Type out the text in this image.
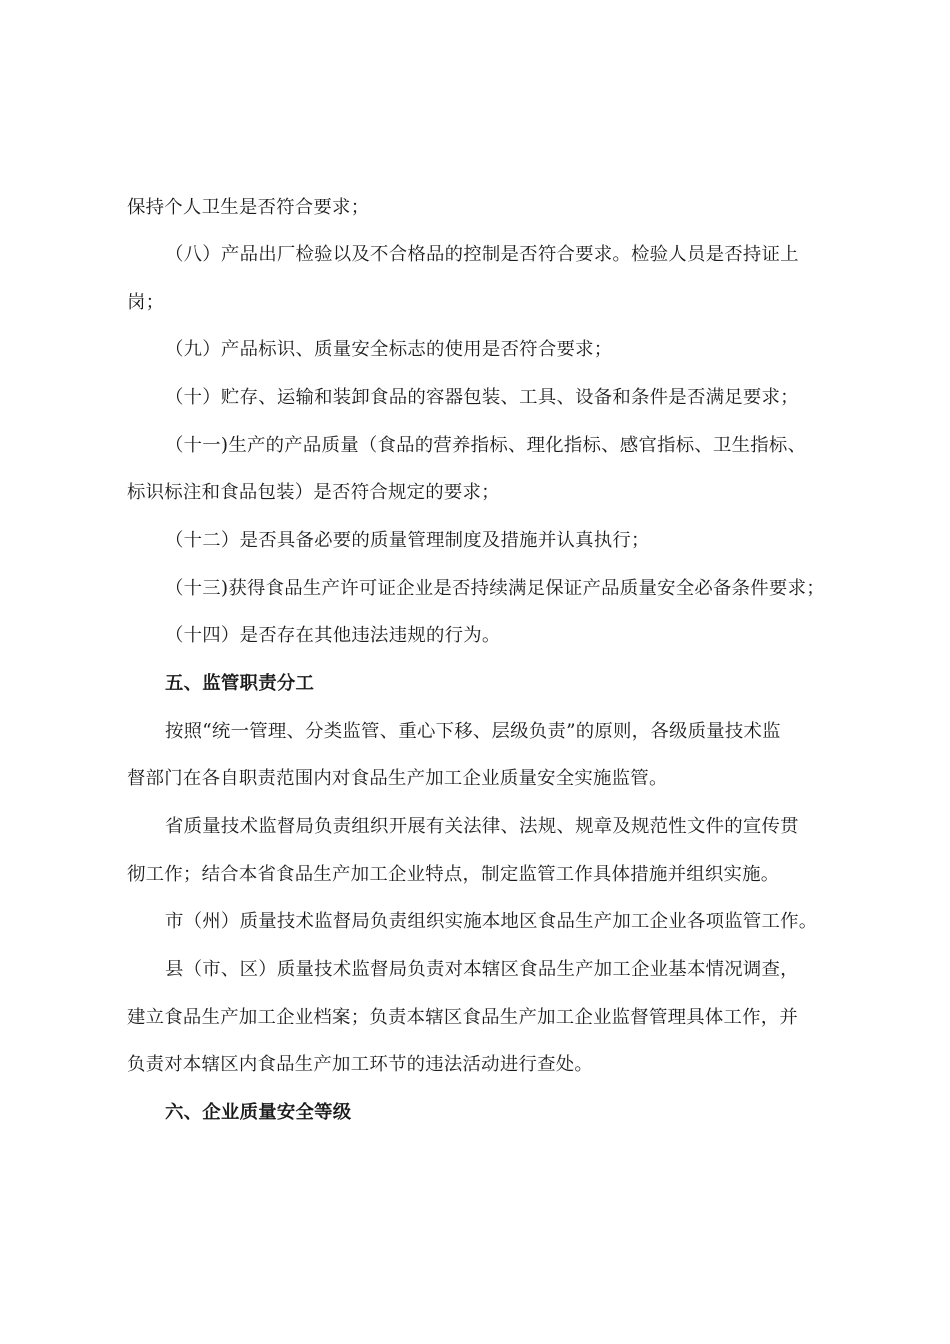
保持个人卫生是否符合要求；
（八）产品出厂检验以及不合格品的控制是否符合要求。检验人员是否持证上
岗；
（九）产品标识、质量安全标志的使用是否符合要求；
（十）贮存、运输和装卸食品的容器包装、工具、设备和条件是否满足要求；
（十一)生产的产品质量（食品的营养指标、理化指标、感官指标、卫生指标、
标识标注和食品包装）是否符合规定的要求；
（十二）是否具备必要的质量管理制度及措施并认真执行；
（十三)获得食品生产许可证企业是否持续满足保证产品质量安全必备条件要求；
（十四）是否存在其他违法违规的行为。
五、监管职责分工
按照“统一管理、分类监管、重心下移、层级负责”的原则，各级质量技术监
督部门在各自职责范围内对食品生产加工企业质量安全实施监管。
省质量技术监督局负责组织开展有关法律、法规、规章及规范性文件的宣传贯
彻工作；结合本省食品生产加工企业特点，制定监管工作具体措施并组织实施。
市（州）质量技术监督局负责组织实施本地区食品生产加工企业各项监管工作。
县（市、区）质量技术监督局负责对本辖区食品生产加工企业基本情况调查，
建立食品生产加工企业档案；负责本辖区食品生产加工企业监督管理具体工作，并
负责对本辖区内食品生产加工环节的违法活动进行查处。
六、企业质量安全等级
